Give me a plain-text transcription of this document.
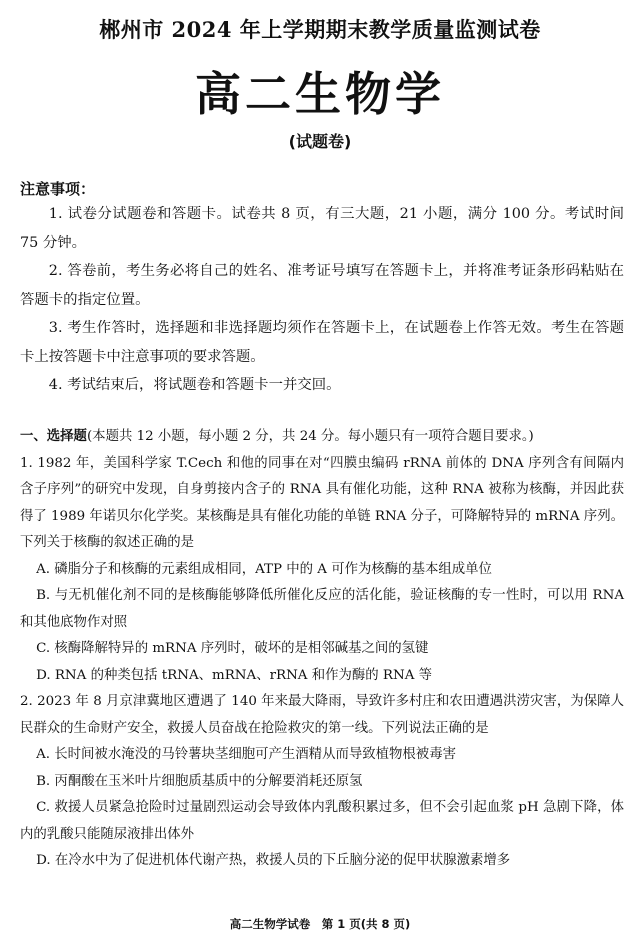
郴州市 2024 年上学期期末教学质量监测试卷
高二生物学
(试题卷)
注意事项：

1. 试卷分试题卷和答题卡。试卷共 8 页，有三大题，21 小题，满分 100 分。考试时间 75 分钟。

2. 答卷前，考生务必将自己的姓名、准考证号填写在答题卡上，并将准考证条形码粘贴在答题卡的指定位置。

3. 考生作答时，选择题和非选择题均须作在答题卡上，在试题卷上作答无效。考生在答题卡上按答题卡中注意事项的要求答题。

4. 考试结束后，将试题卷和答题卡一并交回。

一、选择题(本题共 12 小题，每小题 2 分，共 24 分。每小题只有一项符合题目要求。)

1. 1982 年，美国科学家 T.Cech 和他的同事在对“四膜虫编码 rRNA 前体的 DNA 序列含有间隔内含子序列”的研究中发现，自身剪接内含子的 RNA 具有催化功能，这种 RNA 被称为核酶，并因此获得了 1989 年诺贝尔化学奖。某核酶是具有催化功能的单链 RNA 分子，可降解特异的 mRNA 序列。下列关于核酶的叙述正确的是

A. 磷脂分子和核酶的元素组成相同，ATP 中的 A 可作为核酶的基本组成单位

B. 与无机催化剂不同的是核酶能够降低所催化反应的活化能，验证核酶的专一性时，可以用 RNA 和其他底物作对照

C. 核酶降解特异的 mRNA 序列时，破坏的是相邻碱基之间的氢键

D. RNA 的种类包括 tRNA、mRNA、rRNA 和作为酶的 RNA 等

2. 2023 年 8 月京津冀地区遭遇了 140 年来最大降雨，导致许多村庄和农田遭遇洪涝灾害，为保障人民群众的生命财产安全，救援人员奋战在抢险救灾的第一线。下列说法正确的是

A. 长时间被水淹没的马铃薯块茎细胞可产生酒精从而导致植物根被毒害

B. 丙酮酸在玉米叶片细胞质基质中的分解要消耗还原氢

C. 救援人员紧急抢险时过量剧烈运动会导致体内乳酸积累过多，但不会引起血浆 pH 急剧下降，体内的乳酸只能随尿液排出体外

D. 在冷水中为了促进机体代谢产热，救援人员的下丘脑分泌的促甲状腺激素增多

高二生物学试卷　第 1 页(共 8 页)
